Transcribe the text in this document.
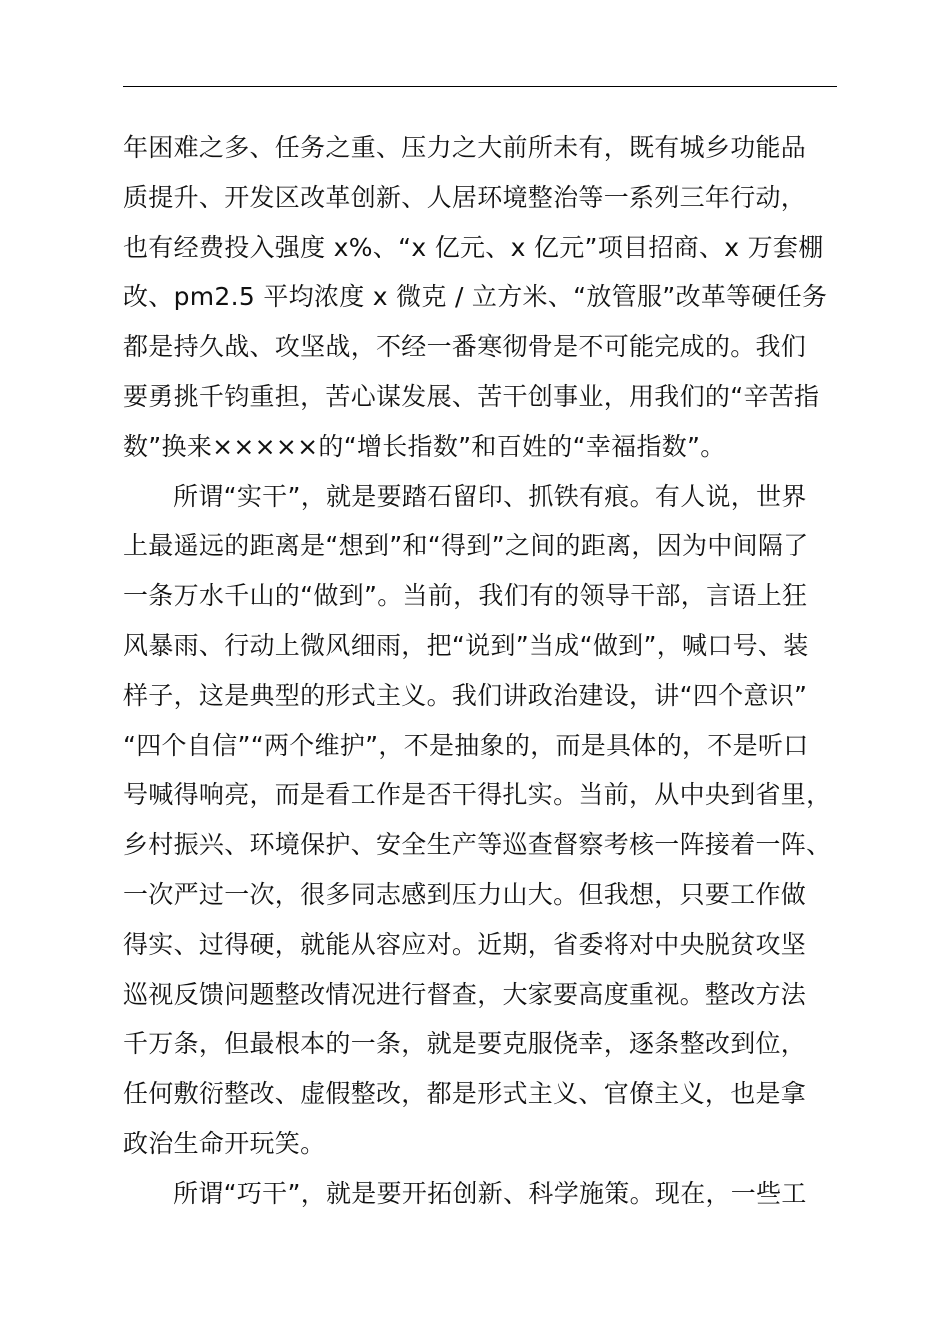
年困难之多、任务之重、压力之大前所未有，既有城乡功能品
质提升、开发区改革创新、人居环境整治等一系列三年行动，
也有经费投入强度 x%、“x 亿元、x 亿元”项目招商、x 万套棚
改、pm2.5 平均浓度 x 微克 / 立方米、“放管服”改革等硬任务
都是持久战、攻坚战，不经一番寒彻骨是不可能完成的。我们
要勇挑千钧重担，苦心谋发展、苦干创事业，用我们的“辛苦指
数”换来×××××的“增长指数”和百姓的“幸福指数”。
所谓“实干”，就是要踏石留印、抓铁有痕。有人说，世界
上最遥远的距离是“想到”和“得到”之间的距离，因为中间隔了
一条万水千山的“做到”。当前，我们有的领导干部，言语上狂
风暴雨、行动上微风细雨，把“说到”当成“做到”，喊口号、装
样子，这是典型的形式主义。我们讲政治建设，讲“四个意识”
“四个自信”“两个维护”，不是抽象的，而是具体的，不是听口
号喊得响亮，而是看工作是否干得扎实。当前，从中央到省里，
乡村振兴、环境保护、安全生产等巡查督察考核一阵接着一阵、
一次严过一次，很多同志感到压力山大。但我想，只要工作做
得实、过得硬，就能从容应对。近期，省委将对中央脱贫攻坚
巡视反馈问题整改情况进行督查，大家要高度重视。整改方法
千万条，但最根本的一条，就是要克服侥幸，逐条整改到位，
任何敷衍整改、虚假整改，都是形式主义、官僚主义，也是拿
政治生命开玩笑。
所谓“巧干”，就是要开拓创新、科学施策。现在，一些工
